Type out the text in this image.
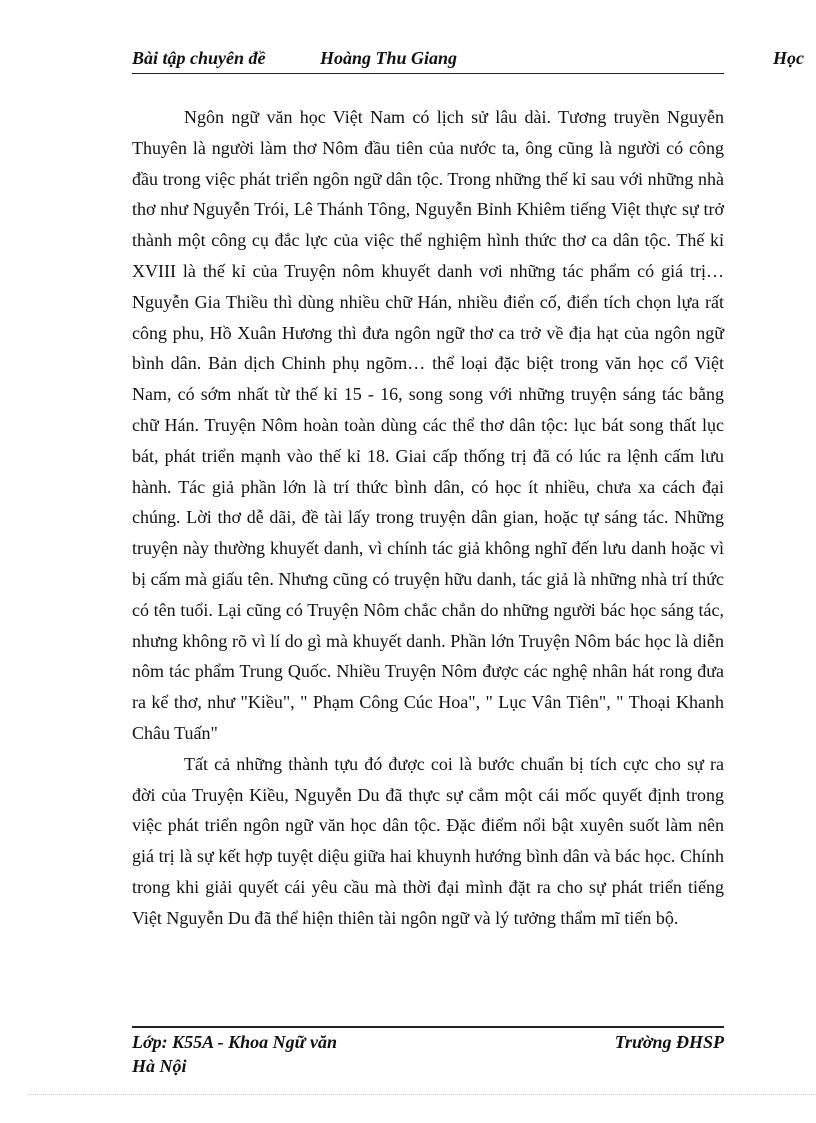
Bài tập chuyên đề	Hoàng Thu Giang	Học

Ngôn ngữ văn học Việt Nam có lịch sử lâu dài. Tương truyền Nguyễn Thuyên là người làm thơ Nôm đầu tiên của nước ta, ông cũng là người có công đầu trong việc phát triển ngôn ngữ dân tộc. Trong những thế kỉ sau với những nhà thơ như Nguyễn Trói, Lê Thánh Tông, Nguyễn Bỉnh Khiêm tiếng Việt thực sự trở thành một công cụ đắc lực của việc thể nghiệm hình thức thơ ca dân tộc. Thế kỉ XVIII là thế kỉ của Truyện nôm khuyết danh vơi những tác phẩm có giá trị… Nguyễn Gia Thiều thì dùng nhiều chữ Hán, nhiều điển cố, điển tích chọn lựa rất công phu, Hồ Xuân Hương thì đưa ngôn ngữ thơ ca trở về địa hạt của ngôn ngữ bình dân. Bản dịch Chinh phụ ngõm… thể loại đặc biệt trong văn học cổ Việt Nam, có sớm nhất từ thế kỉ 15 - 16, song song với những truyện sáng tác bằng chữ Hán. Truyện Nôm hoàn toàn dùng các thể thơ dân tộc: lục bát song thất lục bát, phát triển mạnh vào thế kỉ 18. Giai cấp thống trị đã có lúc ra lệnh cấm lưu hành. Tác giả phần lớn là trí thức bình dân, có học ít nhiều, chưa xa cách đại chúng. Lời thơ dễ dãi, đề tài lấy trong truyện dân gian, hoặc tự sáng tác. Những truyện này thường khuyết danh, vì chính tác giả không nghĩ đến lưu danh hoặc vì bị cấm mà giấu tên. Nhưng cũng có truyện hữu danh, tác giả là những nhà trí thức có tên tuổi. Lại cũng có Truyện Nôm chắc chắn do những người bác học sáng tác, nhưng không rõ vì lí do gì mà khuyết danh. Phần lớn Truyện Nôm bác học là diễn nôm tác phẩm Trung Quốc. Nhiều Truyện Nôm được các nghệ nhân hát rong đưa ra kể thơ, như "Kiều", " Phạm Công Cúc Hoa", " Lục Vân Tiên", " Thoại Khanh Châu Tuấn"

Tất cả những thành tựu đó được coi là bước chuẩn bị tích cực cho sự ra đời của Truyện Kiều, Nguyễn Du đã thực sự cắm một cái mốc quyết định trong việc phát triển ngôn ngữ văn học dân tộc. Đặc điểm nổi bật xuyên suốt làm nên giá trị là sự kết hợp tuyệt diệu giữa hai khuynh hướng bình dân và bác học. Chính trong khi giải quyết cái yêu cầu mà thời đại mình đặt ra cho sự phát triển tiếng Việt Nguyễn Du đã thể hiện thiên tài ngôn ngữ và lý tưởng thẩm mĩ tiến bộ.

Lớp: K55A - Khoa Ngữ văn
Hà Nội
Trường ĐHSP
